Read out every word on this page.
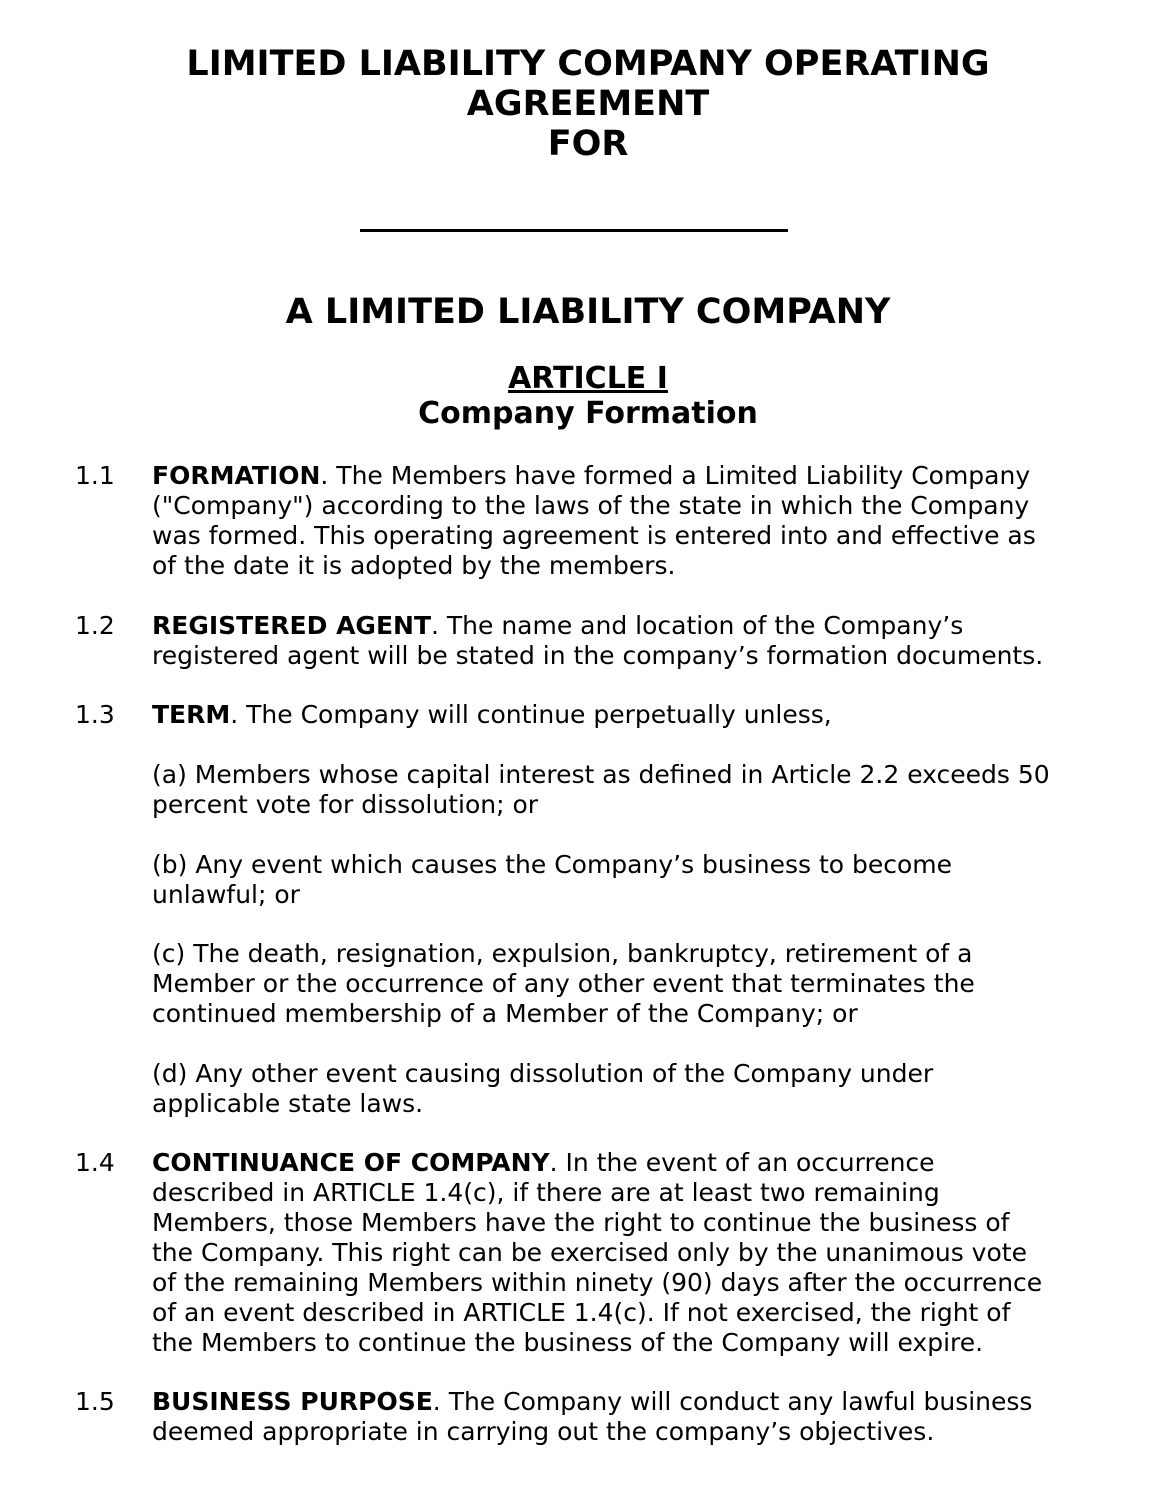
LIMITED LIABILITY COMPANY OPERATING
AGREEMENT
FOR
A LIMITED LIABILITY COMPANY
ARTICLE I
Company Formation
1.1 FORMATION. The Members have formed a Limited Liability Company
("Company") according to the laws of the state in which the Company
was formed. This operating agreement is entered into and effective as
of the date it is adopted by the members.
1.2 REGISTERED AGENT. The name and location of the Company’s
registered agent will be stated in the company’s formation documents.
1.3 TERM. The Company will continue perpetually unless,
(a) Members whose capital interest as defined in Article 2.2 exceeds 50
percent vote for dissolution; or
(b) Any event which causes the Company’s business to become
unlawful; or
(c) The death, resignation, expulsion, bankruptcy, retirement of a
Member or the occurrence of any other event that terminates the
continued membership of a Member of the Company; or
(d) Any other event causing dissolution of the Company under
applicable state laws.
1.4 CONTINUANCE OF COMPANY. In the event of an occurrence
described in ARTICLE 1.4(c), if there are at least two remaining
Members, those Members have the right to continue the business of
the Company. This right can be exercised only by the unanimous vote
of the remaining Members within ninety (90) days after the occurrence
of an event described in ARTICLE 1.4(c). If not exercised, the right of
the Members to continue the business of the Company will expire.
1.5 BUSINESS PURPOSE. The Company will conduct any lawful business
deemed appropriate in carrying out the company’s objectives.
